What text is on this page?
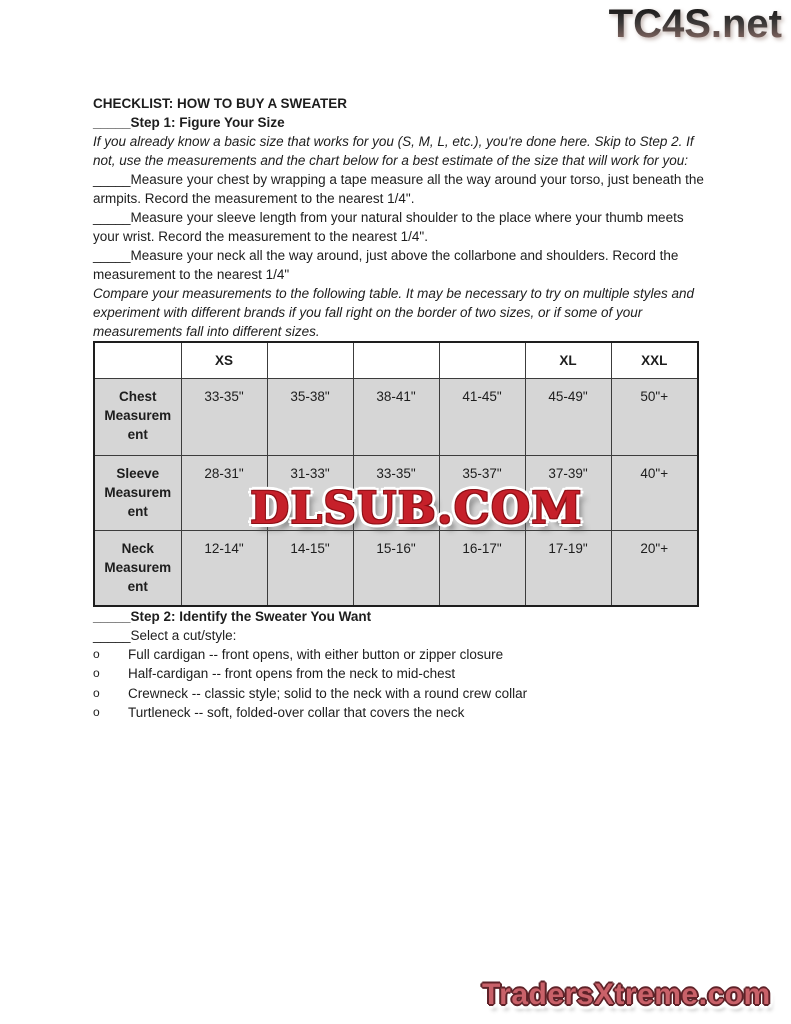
TC4S.net

CHECKLIST: HOW TO BUY A SWEATER

_____Step 1: Figure Your Size

If you already know a basic size that works for you (S, M, L, etc.), you're done here. Skip to Step 2. If not, use the measurements and the chart below for a best estimate of the size that will work for you:

_____Measure your chest by wrapping a tape measure all the way around your torso, just beneath the armpits. Record the measurement to the nearest 1/4".

_____Measure your sleeve length from your natural shoulder to the place where your thumb meets your wrist. Record the measurement to the nearest 1/4".

_____Measure your neck all the way around, just above the collarbone and shoulders. Record the measurement to the nearest 1/4"

Compare your measurements to the following table. It may be necessary to try on multiple styles and experiment with different brands if you fall right on the border of two sizes, or if some of your measurements fall into different sizes.

	XS				XL	XXL
Chest Measurement	33-35"	35-38"	38-41"	41-45"	45-49"	50"+
Sleeve Measurement	28-31"	31-33"	33-35"	35-37"	37-39"	40"+
Neck Measurement	12-14"	14-15"	15-16"	16-17"	17-19"	20"+

_____Step 2: Identify the Sweater You Want

_____Select a cut/style:

o	Full cardigan -- front opens, with either button or zipper closure
o	Half-cardigan -- front opens from the neck to mid-chest
o	Crewneck -- classic style; solid to the neck with a round crew collar
o	Turtleneck -- soft, folded-over collar that covers the neck
DLSUB.COM
TradersXtreme.com
